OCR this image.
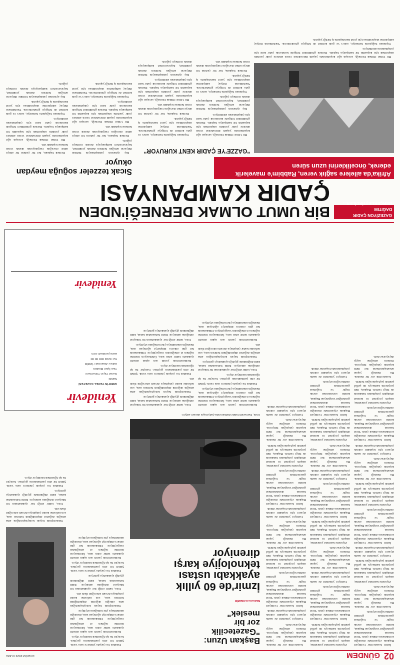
02
GÜNDEM
13 EKİM 2023 CUMA

İzmir Gazeteciler Cemiyeti Başkanı ziyaretinde mesleğin zorluklarına dikkat çekti. Yerel basının desteklenmesi gerektiğini vurgulayan Başkan, kentin sorunlarının ancak özgür ve bağımsız gazetecilikle görünür olabileceğini söyledi.

Gazetecilik zor bir meslek. Bu mesleği yapan arkadaşlarımızın her türlü koşulda çalıştığını biliyoruz. Onların emeğine saygı duyuyoruz dedi.

Ziyarette kentteki yatırımlar, ulaşım projeleri ve kentsel dönüşüm çalışmaları hakkında da bilgi verildi. Başkan, tüm projelerin kamuoyu ile şeffaf şekilde paylaşılacağını belirtti.

Cemiyet yönetimi de nazik ziyaret için teşekkür ederek çalışmalarında başarılar diledi.

İzmir Gazeteciler Cemiyeti Başkanı ziyaretinde mesleğin zorluklarına dikkat çekti. Yerel basının desteklenmesi gerektiğini vurgulayan Başkan, kentin sorunlarının ancak özgür ve bağımsız gazetecilikle görünür olabileceğini söyledi.

Ziyarette kentteki yatırımlar, ulaşım projeleri ve kentsel dönüşüm çalışmaları hakkında da bilgi verildi. Başkan, tüm projelerin kamuoyu ile şeffaf şekilde paylaşılacağını belirtti.

Gazetecilik zor bir meslek. Bu mesleği yapan arkadaşlarımızın her türlü koşulda çalıştığını biliyoruz. Onların emeğine saygı duyuyoruz dedi.

Cemiyet yönetimi de nazik ziyaret için teşekkür ederek çalışmalarında başarılar diledi.

İzmir Gazeteciler Cemiyeti Başkanı ziyaretinde mesleğin zorluklarına dikkat çekti. Yerel basının desteklenmesi gerektiğini vurgulayan Başkan, kentin sorunlarının ancak özgür ve bağımsız gazetecilikle görünür olabileceğini söyledi.

Ziyarette kentteki yatırımlar, ulaşım projeleri ve kentsel dönüşüm çalışmaları hakkında da bilgi verildi. Başkan, tüm projelerin kamuoyu ile şeffaf şekilde paylaşılacağını belirtti.

Gazetecilik zor bir meslek. Bu mesleği yapan arkadaşlarımızın her türlü koşulda çalıştığını biliyoruz. Onların emeğine saygı duyuyoruz dedi.

Ziyarette kentteki yatırımlar, ulaşım projeleri ve kentsel dönüşüm çalışmaları hakkında da bilgi verildi. Başkan, tüm projelerin kamuoyu ile şeffaf şekilde paylaşılacağını belirtti.

İzmir Gazeteciler Cemiyeti Başkanı ziyaretinde mesleğin zorluklarına dikkat çekti. Yerel basının desteklenmesi gerektiğini vurgulayan Başkan, kentin sorunlarının ancak özgür ve bağımsız gazetecilikle görünür olabileceğini söyledi.

Cemiyet yönetimi de nazik ziyaret için teşekkür ederek çalışmalarında başarılar diledi.

Gazetecilik zor bir meslek. Bu mesleği yapan arkadaşlarımızın her türlü koşulda çalıştığını biliyoruz. Onların emeğine saygı duyuyoruz dedi.

Ziyarette kentteki yatırımlar, ulaşım projeleri ve kentsel dönüşüm çalışmaları hakkında da bilgi verildi. Başkan, tüm projelerin kamuoyu ile şeffaf şekilde paylaşılacağını belirtti.

İzmir Gazeteciler Cemiyeti Başkanı ziyaretinde mesleğin zorluklarına dikkat çekti. Yerel basının desteklenmesi gerektiğini vurgulayan Başkan, kentin sorunlarının ancak özgür ve bağımsız gazetecilikle görünür olabileceğini söyledi.

Cemiyet yönetimi de nazik ziyaret için teşekkür ederek çalışmalarında başarılar diledi.

Gazetecilik zor bir meslek. Bu mesleği yapan arkadaşlarımızın her türlü koşulda çalıştığını biliyoruz. Onların emeğine saygı duyuyoruz dedi.

Ziyarette kentteki yatırımlar, ulaşım projeleri ve kentsel dönüşüm çalışmaları hakkında da bilgi verildi. Başkan, tüm projelerin kamuoyu ile şeffaf şekilde paylaşılacağını belirtti.

İzmir Gazeteciler Cemiyeti Başkanı ziyaretinde mesleğin zorluklarına dikkat çekti. Yerel basının desteklenmesi gerektiğini vurgulayan Başkan, kentin sorunlarının ancak özgür ve bağımsız gazetecilikle görünür olabileceğini söyledi.

Cemiyet yönetimi de nazik ziyaret için teşekkür ederek çalışmalarında başarılar diledi.

Gazetecilik zor bir meslek. Bu mesleği yapan arkadaşlarımızın her türlü koşulda çalıştığını biliyoruz. Onların emeğine saygı duyuyoruz dedi.

Cemiyet yönetimi de nazik ziyaret için teşekkür ederek çalışmalarında başarılar diledi.

İzmir Gazeteciler Cemiyeti Başkanı ziyaretinde mesleğin zorluklarına dikkat çekti. Yerel basının desteklenmesi gerektiğini vurgulayan Başkan, kentin sorunlarının ancak özgür ve bağımsız gazetecilikle görünür olabileceğini söyledi.

Ziyarette kentteki yatırımlar, ulaşım projeleri ve kentsel dönüşüm çalışmaları hakkında da bilgi verildi. Başkan, tüm projelerin kamuoyu ile şeffaf şekilde paylaşılacağını belirtti.

Gazetecilik zor bir meslek. Bu mesleği yapan arkadaşlarımızın her türlü koşulda çalıştığını biliyoruz. Onların emeğine saygı duyuyoruz dedi.

Cemiyet yönetimi de nazik ziyaret için teşekkür ederek çalışmalarında başarılar diledi.

İzmir Gazeteciler Cemiyeti Başkanı ziyaretinde mesleğin zorluklarına dikkat çekti. Yerel basının desteklenmesi gerektiğini vurgulayan Başkan, kentin sorunlarının ancak özgür ve bağımsız gazetecilikle görünür olabileceğini söyledi.

Ziyarette kentteki yatırımlar, ulaşım projeleri ve kentsel dönüşüm çalışmaları hakkında da bilgi verildi. Başkan, tüm projelerin kamuoyu ile şeffaf şekilde paylaşılacağını belirtti.

Gazetecilik zor bir meslek. Bu mesleği yapan arkadaşlarımızın her türlü koşulda çalıştığını biliyoruz. Onların emeğine saygı duyuyoruz dedi.

Cemiyet yönetimi de nazik ziyaret için teşekkür ederek çalışmalarında başarılar diledi.

Başkan Uzun: "Gazetecilik zor bir meslek"
Muharrem DEMİR
İzmir'de 60 yıllık ayakkabı ustası teknolojiye karşı direniyor
Usta, Kemeraltı'ndaki dükkanında çalışmaya devam ediyor.

Kemeraltı'nda yarım asrı aşkın süredir ayakkabı tamir eden usta, fabrikasyon üretime rağmen el emeğinden vazgeçmiyor. Dükkanında her gün onlarca müşteriyi ağırlayan usta, mesleğin unutulmaya yüz tuttuğunu söylüyor.

Eskiden bu çarşıda yüzlerce usta vardı. Şimdi bir elin parmaklarını geçmez. Gençler bu işi öğrenmek istemiyor diyor.

Usta, tamir ettiği her ayakkabının bir hikayesi olduğunu anlatıyor. Kimi babasından kalan, kimi düğününde giydiği ayakkabıyı getiriyor.

Teknolojinin hayatı kolaylaştırdığını ama emeğin değerini düşürdüğünü belirten usta, son nefesine kadar çalışmaya devam edeceğini ifade etti.

Kemeraltı'nda yarım asrı aşkın süredir ayakkabı tamir eden usta, fabrikasyon üretime rağmen el emeğinden vazgeçmiyor. Dükkanında her gün onlarca müşteriyi ağırlayan usta, mesleğin unutulmaya yüz tuttuğunu söylüyor.

Usta, tamir ettiği her ayakkabının bir hikayesi olduğunu anlatıyor. Kimi babasından kalan, kimi düğününde giydiği ayakkabıyı getiriyor.

Teknolojinin hayatı kolaylaştırdığını ama emeğin değerini düşürdüğünü belirten usta, son nefesine kadar çalışmaya devam edeceğini ifade etti.

Eskiden bu çarşıda yüzlerce usta vardı. Şimdi bir elin parmaklarını geçmez. Gençler bu işi öğrenmek istemiyor diyor.

Kemeraltı'nda yarım asrı aşkın süredir ayakkabı tamir eden usta, fabrikasyon üretime rağmen el emeğinden vazgeçmiyor. Dükkanında her gün onlarca müşteriyi ağırlayan usta, mesleğin unutulmaya yüz tuttuğunu söylüyor.

Usta, tamir ettiği her ayakkabının bir hikayesi olduğunu anlatıyor. Kimi babasından kalan, kimi düğününde giydiği ayakkabıyı getiriyor.

Eskiden bu çarşıda yüzlerce usta vardı. Şimdi bir elin parmaklarını geçmez. Gençler bu işi öğrenmek istemiyor diyor.

Kemeraltı'nda yarım asrı aşkın süredir ayakkabı tamir eden usta, fabrikasyon üretime rağmen el emeğinden vazgeçmiyor. Dükkanında her gün onlarca müşteriyi ağırlayan usta, mesleğin unutulmaya yüz tuttuğunu söylüyor.

Teknolojinin hayatı kolaylaştırdığını ama emeğin değerini düşürdüğünü belirten usta, son nefesine kadar çalışmaya devam edeceğini ifade etti.

Usta, tamir ettiği her ayakkabının bir hikayesi olduğunu anlatıyor. Kimi babasından kalan, kimi düğününde giydiği ayakkabıyı getiriyor.

Eskiden bu çarşıda yüzlerce usta vardı. Şimdi bir elin parmaklarını geçmez. Gençler bu işi öğrenmek istemiyor diyor.

Kemeraltı'nda yarım asrı aşkın süredir ayakkabı tamir eden usta, fabrikasyon üretime rağmen el emeğinden vazgeçmiyor. Dükkanında her gün onlarca müşteriyi ağırlayan usta, mesleğin unutulmaya yüz tuttuğunu söylüyor.

Teknolojinin hayatı kolaylaştırdığını ama emeğin değerini düşürdüğünü belirten usta, son nefesine kadar çalışmaya devam edeceğini ifade etti.

Usta, tamir ettiği her ayakkabının bir hikayesi olduğunu anlatıyor. Kimi babasından kalan, kimi düğününde giydiği ayakkabıyı getiriyor.

Eskiden bu çarşıda yüzlerce usta vardı. Şimdi bir elin parmaklarını geçmez. Gençler bu işi öğrenmek istemiyor diyor.

Yenidevir
IZMIR'İN YEREL GAZETESİ
Sahibi
Genel Yayın Yönetmeni
Yazı İşleri Müdürü
Adres: Alsancak / İZMİR
Tel: 0232 000 00 00
www.yenidevir.com
Yenidevir
GAZEZİYON ÇADIR
DAĞITIM GERÇEKLEŞTİRDİLER...
BİR UMUT OLMAK DERNEĞİ'NDEN
ÇADIR KAMPANYASI
Afrika'da ailelere sağlık veren, Rabbim'e mavelerik ederek, önceliklerini uzun süren
"GAZZE'YE ÇADIR KENT KURUYOR"

Bir Umut Olmak Derneği, savaşın ağır koşullarında yaşam mücadelesi veren ailelere çadır yardımı ulaştırmak için kapsamlı bir kampanya başlattı. Dernek gönüllüleri bölgede kurulacak çadır kent için çalışmalarını sürdürüyor.

Kış aylarının yaklaşmasıyla birlikte ihtiyacın arttığını belirten dernek yetkilileri, hayırseverleri kampanyaya destek vermeye çağırdı.

Toplanan bağışlarla battaniye, ısıtıcı ve gıda kolileri de bölgeye gönderilecek. Yardımların ihtiyaç sahiplerine ulaştırılması için yerel kuruluşlarla iş birliği yapıldı.

Dernek başkanı, her bir çadırın bir aileye umut olacağını vurgulayarak destek veren herkese teşekkür etti.

Toplanan bağışlarla battaniye, ısıtıcı ve gıda kolileri de bölgeye gönderilecek. Yardımların ihtiyaç sahiplerine ulaştırılması için yerel kuruluşlarla iş birliği yapıldı.

Dernek başkanı, her bir çadırın bir aileye umut olacağını vurgulayarak destek veren herkese teşekkür etti.

Bir Umut Olmak Derneği, savaşın ağır koşullarında yaşam mücadelesi veren ailelere çadır yardımı ulaştırmak için kapsamlı bir kampanya başlattı. Dernek gönüllüleri bölgede kurulacak çadır kent için çalışmalarını sürdürüyor.

Kış aylarının yaklaşmasıyla birlikte ihtiyacın arttığını belirten dernek yetkilileri, hayırseverleri kampanyaya destek vermeye çağırdı.

Sıcak tezzeler soğuğa meydan okuyor

Kış aylarının yaklaşmasıyla birlikte ihtiyacın arttığını belirten dernek yetkilileri, hayırseverleri kampanyaya destek vermeye çağırdı.

Dernek başkanı, her bir çadırın bir aileye umut olacağını vurgulayarak destek veren herkese teşekkür etti.

Bir Umut Olmak Derneği, savaşın ağır koşullarında yaşam mücadelesi veren ailelere çadır yardımı ulaştırmak için kapsamlı bir kampanya başlattı. Dernek gönüllüleri bölgede kurulacak çadır kent için çalışmalarını sürdürüyor.

Toplanan bağışlarla battaniye, ısıtıcı ve gıda kolileri de bölgeye gönderilecek. Yardımların ihtiyaç sahiplerine ulaştırılması için yerel kuruluşlarla iş birliği yapıldı.

Dernek başkanı, her bir çadırın bir aileye umut olacağını vurgulayarak destek veren herkese teşekkür etti.

Bir Umut Olmak Derneği, savaşın ağır koşullarında yaşam mücadelesi veren ailelere çadır yardımı ulaştırmak için kapsamlı bir kampanya başlattı. Dernek gönüllüleri bölgede kurulacak çadır kent için çalışmalarını sürdürüyor.

Toplanan bağışlarla battaniye, ısıtıcı ve gıda kolileri de bölgeye gönderilecek. Yardımların ihtiyaç sahiplerine ulaştırılması için yerel kuruluşlarla iş birliği yapıldı.

Kış aylarının yaklaşmasıyla birlikte ihtiyacın arttığını belirten dernek yetkilileri, hayırseverleri kampanyaya destek vermeye çağırdı.

Bir Umut Olmak Derneği, savaşın ağır koşullarında yaşam mücadelesi veren ailelere çadır yardımı ulaştırmak için kapsamlı bir kampanya başlattı. Dernek gönüllüleri bölgede kurulacak çadır kent için çalışmalarını sürdürüyor.

Toplanan bağışlarla battaniye, ısıtıcı ve gıda kolileri de bölgeye gönderilecek. Yardımların ihtiyaç sahiplerine ulaştırılması için yerel kuruluşlarla iş birliği yapıldı.
